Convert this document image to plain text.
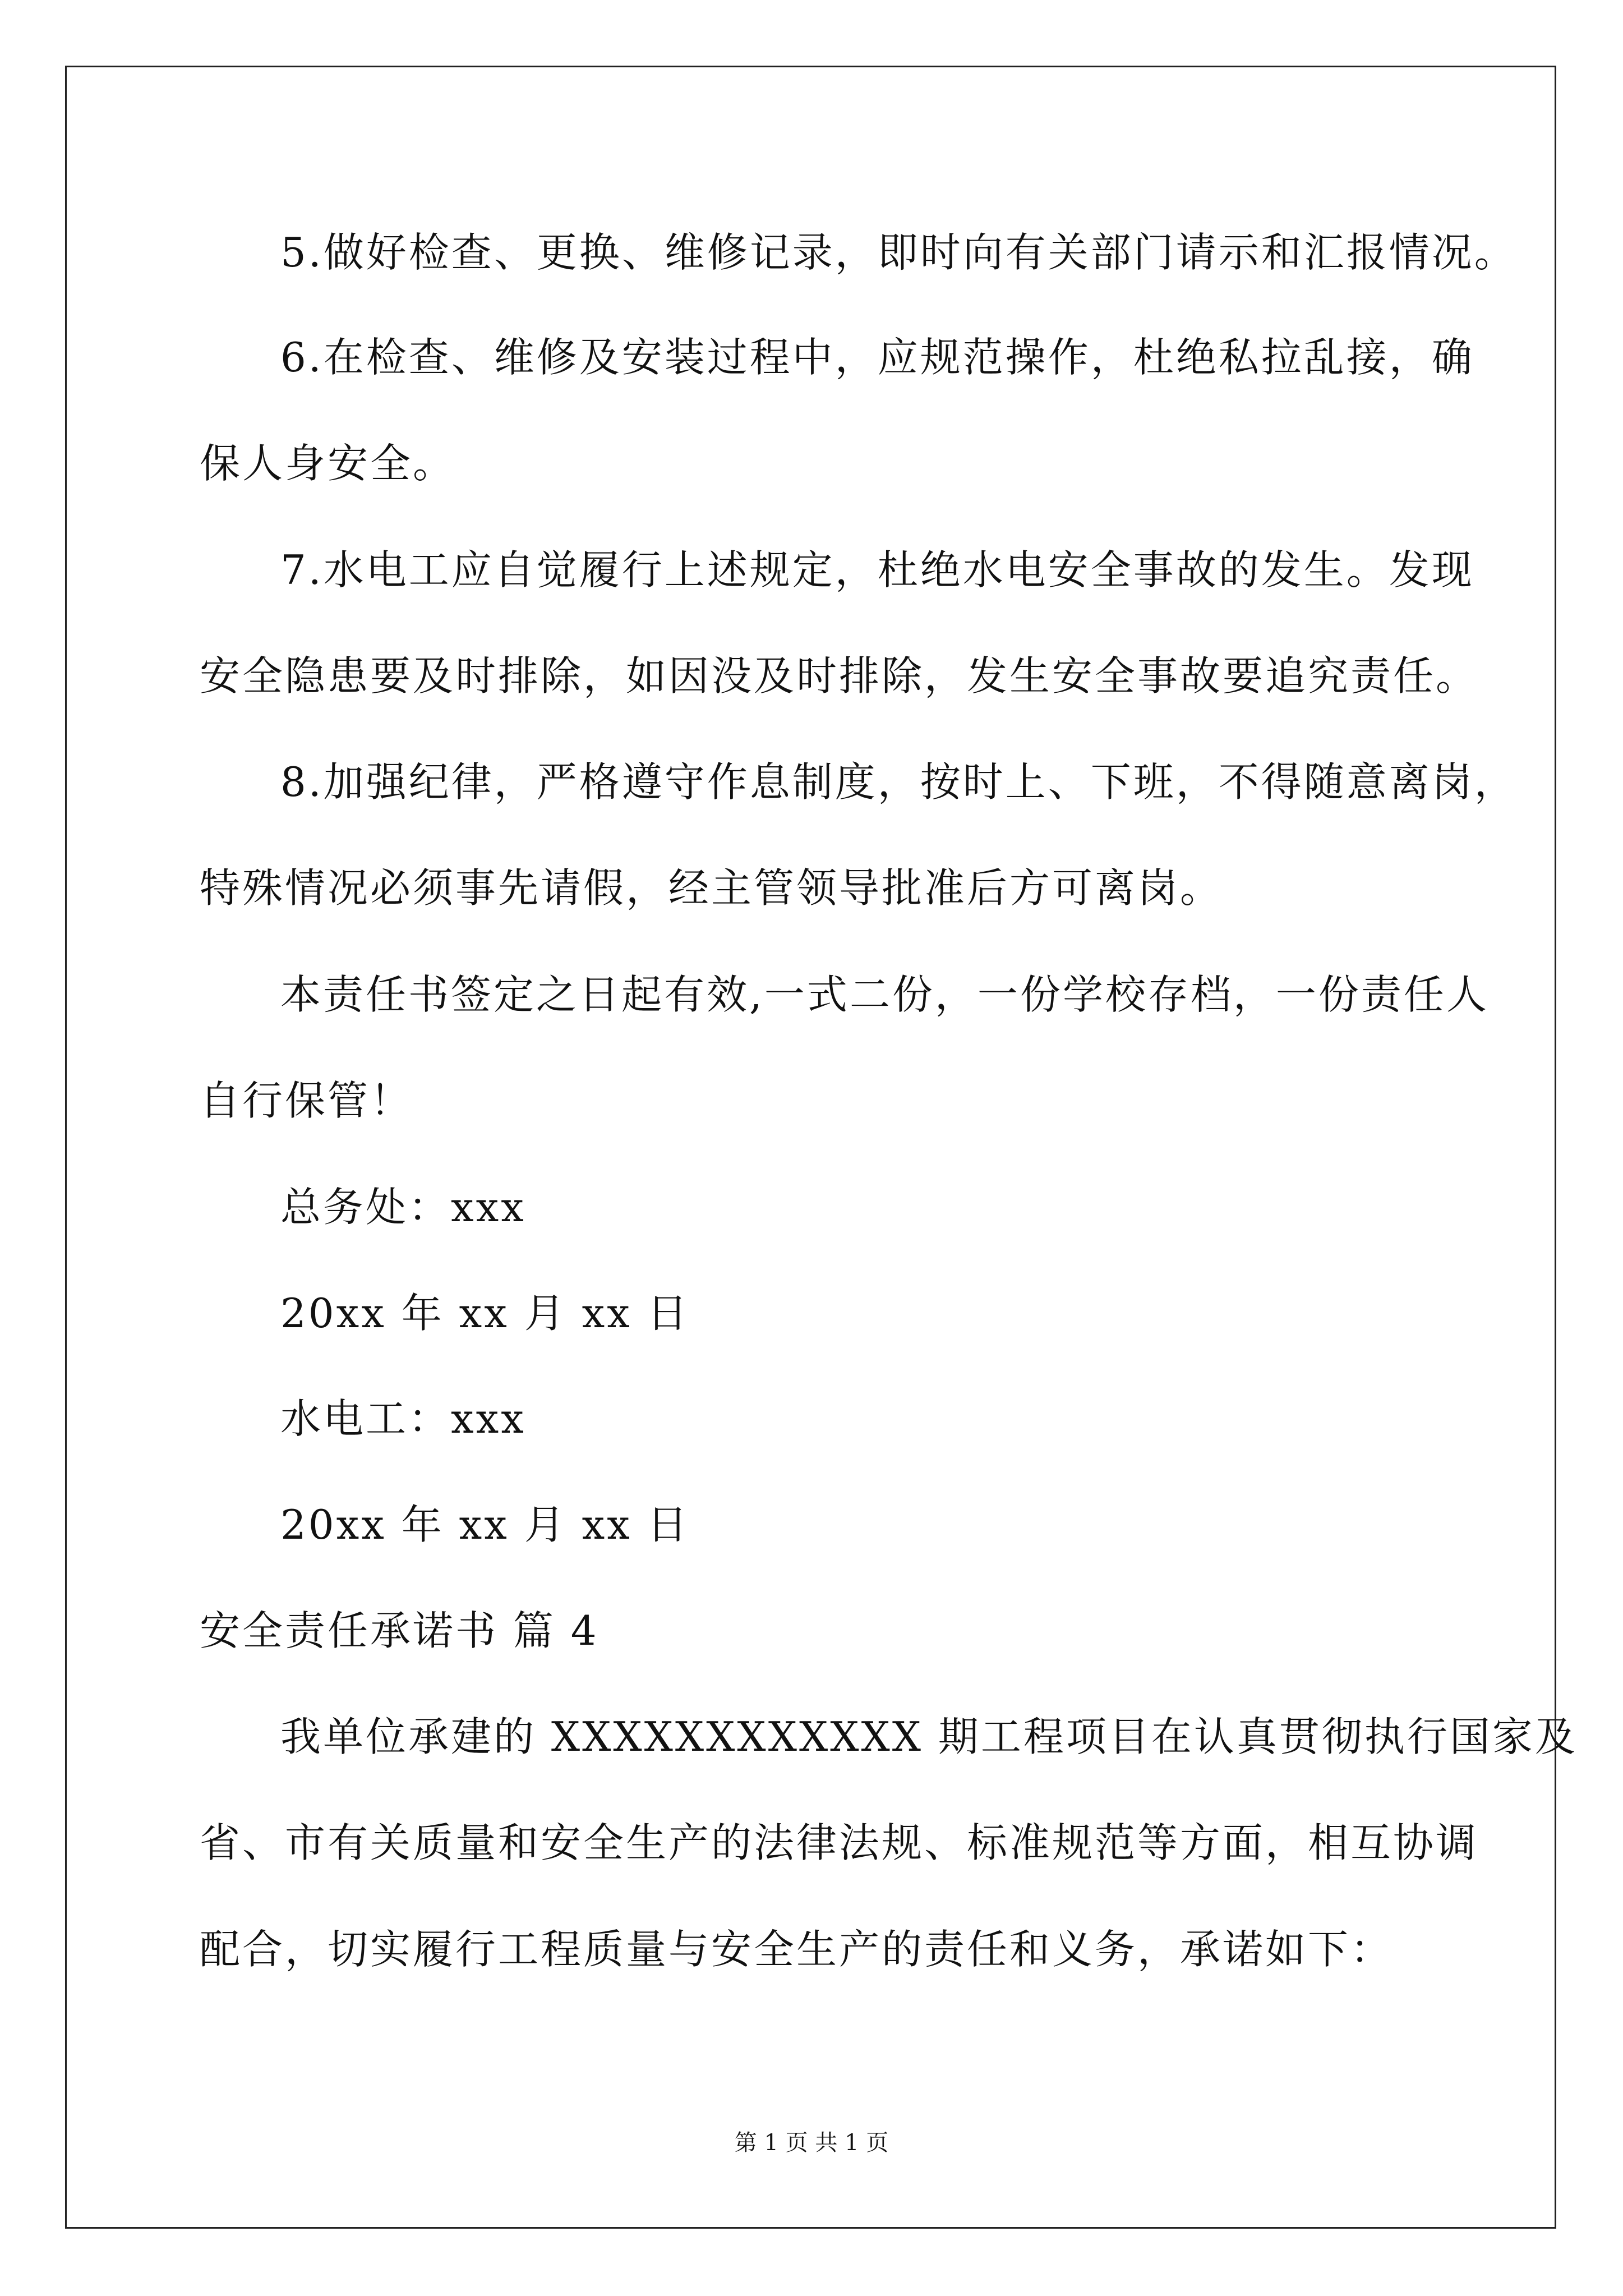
5.做好检查、更换、维修记录，即时向有关部门请示和汇报情况。
6.在检查、维修及安装过程中，应规范操作，杜绝私拉乱接，确
保人身安全。
7.水电工应自觉履行上述规定，杜绝水电安全事故的发生。发现
安全隐患要及时排除，如因没及时排除，发生安全事故要追究责任。
8.加强纪律，严格遵守作息制度，按时上、下班，不得随意离岗，
特殊情况必须事先请假，经主管领导批准后方可离岗。
本责任书签定之日起有效,一式二份，一份学校存档，一份责任人
自行保管！
总务处：xxx
20xx 年 xx 月 xx 日
水电工：xxx
20xx 年 xx 月 xx 日
安全责任承诺书 篇 4
我单位承建的 XXXXXXXXXXXX 期工程项目在认真贯彻执行国家及
省、市有关质量和安全生产的法律法规、标准规范等方面，相互协调
配合，切实履行工程质量与安全生产的责任和义务，承诺如下：
第 1 页 共 1 页
